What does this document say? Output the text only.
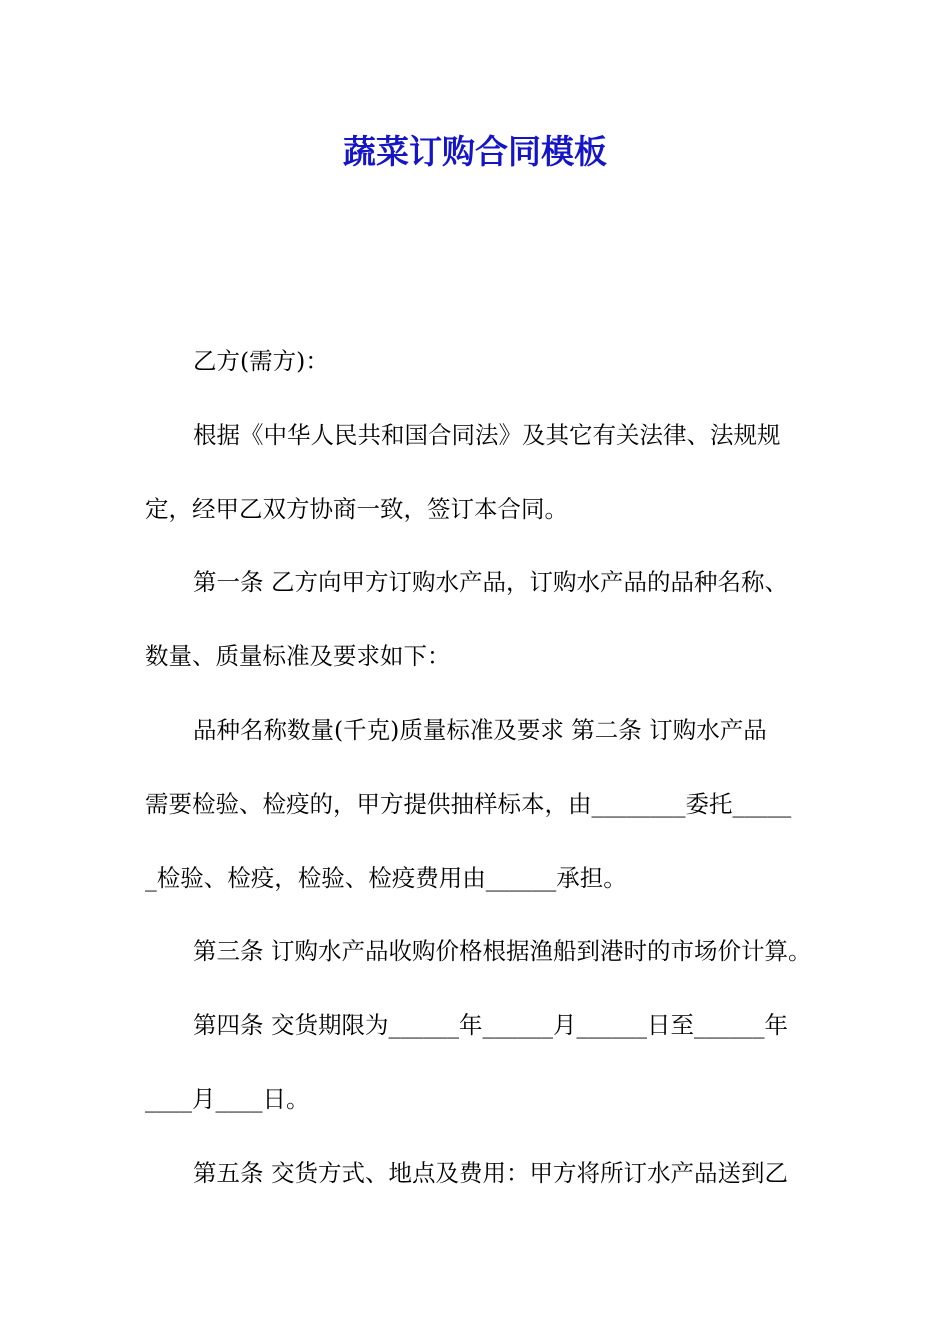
蔬菜订购合同模板
乙方(需方)：
根据《中华人民共和国合同法》及其它有关法律、法规规
定，经甲乙双方协商一致，签订本合同。
第一条 乙方向甲方订购水产品，订购水产品的品种名称、
数量、质量标准及要求如下：
品种名称数量(千克)质量标准及要求 第二条 订购水产品
需要检验、检疫的，甲方提供抽样标本，由________委托_____
_检验、检疫，检验、检疫费用由______承担。
第三条 订购水产品收购价格根据渔船到港时的市场价计算。
第四条 交货期限为______年______月______日至______年
____月____日。
第五条 交货方式、地点及费用：甲方将所订水产品送到乙
